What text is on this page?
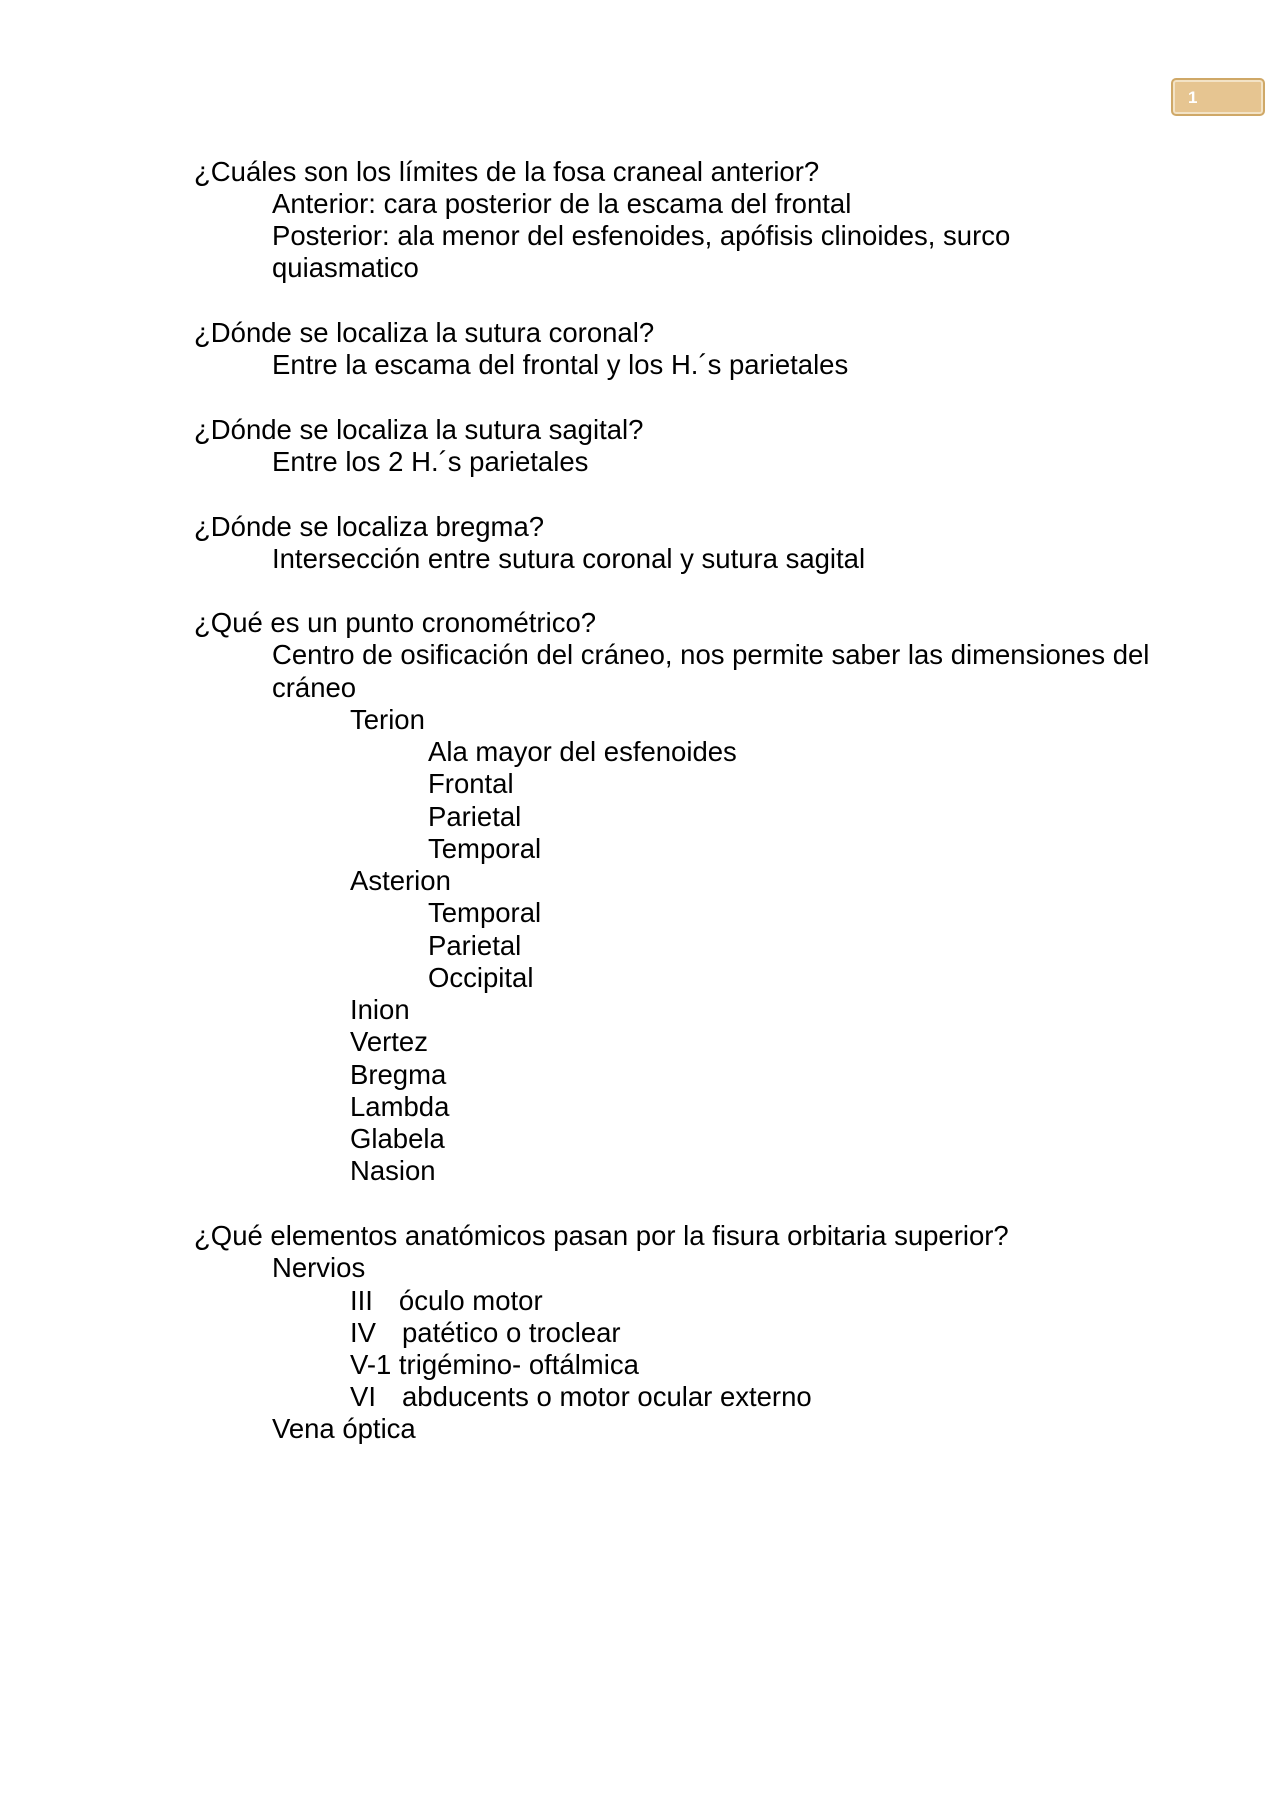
1
¿Cuáles son los límites de la fosa craneal anterior?
Anterior: cara posterior de la escama del frontal
Posterior: ala menor del esfenoides, apófisis clinoides, surco
quiasmatico
¿Dónde se localiza la sutura coronal?
Entre la escama del frontal y los H.´s parietales
¿Dónde se localiza la sutura sagital?
Entre los 2 H.´s parietales
¿Dónde se localiza bregma?
Intersección entre sutura coronal y sutura sagital
¿Qué es un punto cronométrico?
Centro de osificación del cráneo, nos permite saber las dimensiones del
cráneo
Terion
Ala mayor del esfenoides
Frontal
Parietal
Temporal
Asterion
Temporal
Parietal
Occipital
Inion
Vertez
Bregma
Lambda
Glabela
Nasion
¿Qué elementos anatómicos pasan por la fisura orbitaria superior?
Nervios
III óculo motor
IV patético o troclear
V-1 trigémino- oftálmica
VI abducents o motor ocular externo
Vena óptica
